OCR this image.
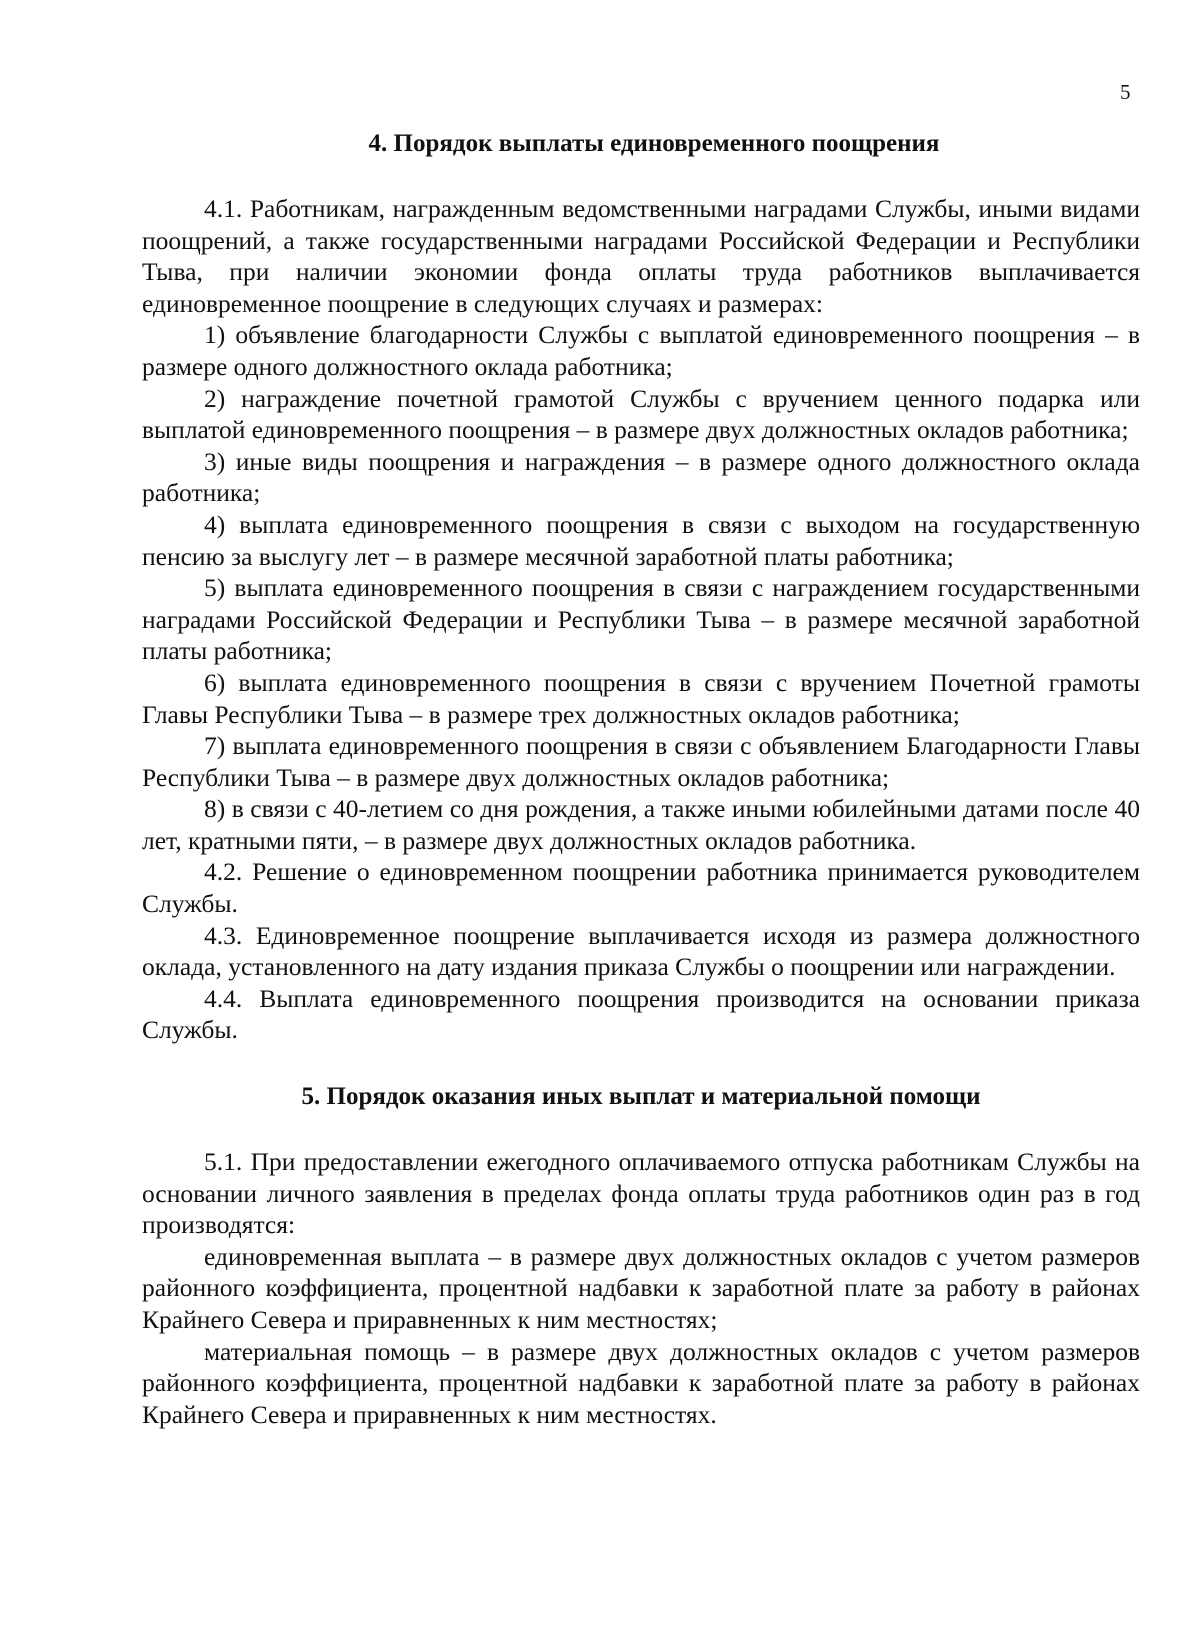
5
4. Порядок выплаты единовременного поощрения

4.1. Работникам, награжденным ведомственными наградами Службы, иными видами поощрений, а также государственными наградами Российской Федерации и Республики Тыва, при наличии экономии фонда оплаты труда работников выплачивается единовременное поощрение в следующих случаях и размерах:

1) объявление благодарности Службы с выплатой единовременного поощрения – в размере одного должностного оклада работника;

2) награждение почетной грамотой Службы с вручением ценного подарка или выплатой единовременного поощрения – в размере двух должностных окладов работника;

3) иные виды поощрения и награждения – в размере одного должностного оклада работника;

4) выплата единовременного поощрения в связи с выходом на государственную пенсию за выслугу лет – в размере месячной заработной платы работника;

5) выплата единовременного поощрения в связи с награждением государственными наградами Российской Федерации и Республики Тыва – в размере месячной заработной платы работника;

6) выплата единовременного поощрения в связи с вручением Почетной грамоты Главы Республики Тыва – в размере трех должностных окладов работника;

7) выплата единовременного поощрения в связи с объявлением Благодарности Главы Республики Тыва – в размере двух должностных окладов работника;

8) в связи с 40-летием со дня рождения, а также иными юбилейными датами после 40 лет, кратными пяти, – в размере двух должностных окладов работника.

4.2. Решение о единовременном поощрении работника принимается руководителем Службы.

4.3. Единовременное поощрение выплачивается исходя из размера должностного оклада, установленного на дату издания приказа Службы о поощрении или награждении.

4.4. Выплата единовременного поощрения производится на основании приказа Службы.

5. Порядок оказания иных выплат и материальной помощи

5.1. При предоставлении ежегодного оплачиваемого отпуска работникам Службы на основании личного заявления в пределах фонда оплаты труда работников один раз в год производятся:

единовременная выплата – в размере двух должностных окладов с учетом размеров районного коэффициента, процентной надбавки к заработной плате за работу в районах Крайнего Севера и приравненных к ним местностях;

материальная помощь – в размере двух должностных окладов с учетом размеров районного коэффициента, процентной надбавки к заработной плате за работу в районах Крайнего Севера и приравненных к ним местностях.
